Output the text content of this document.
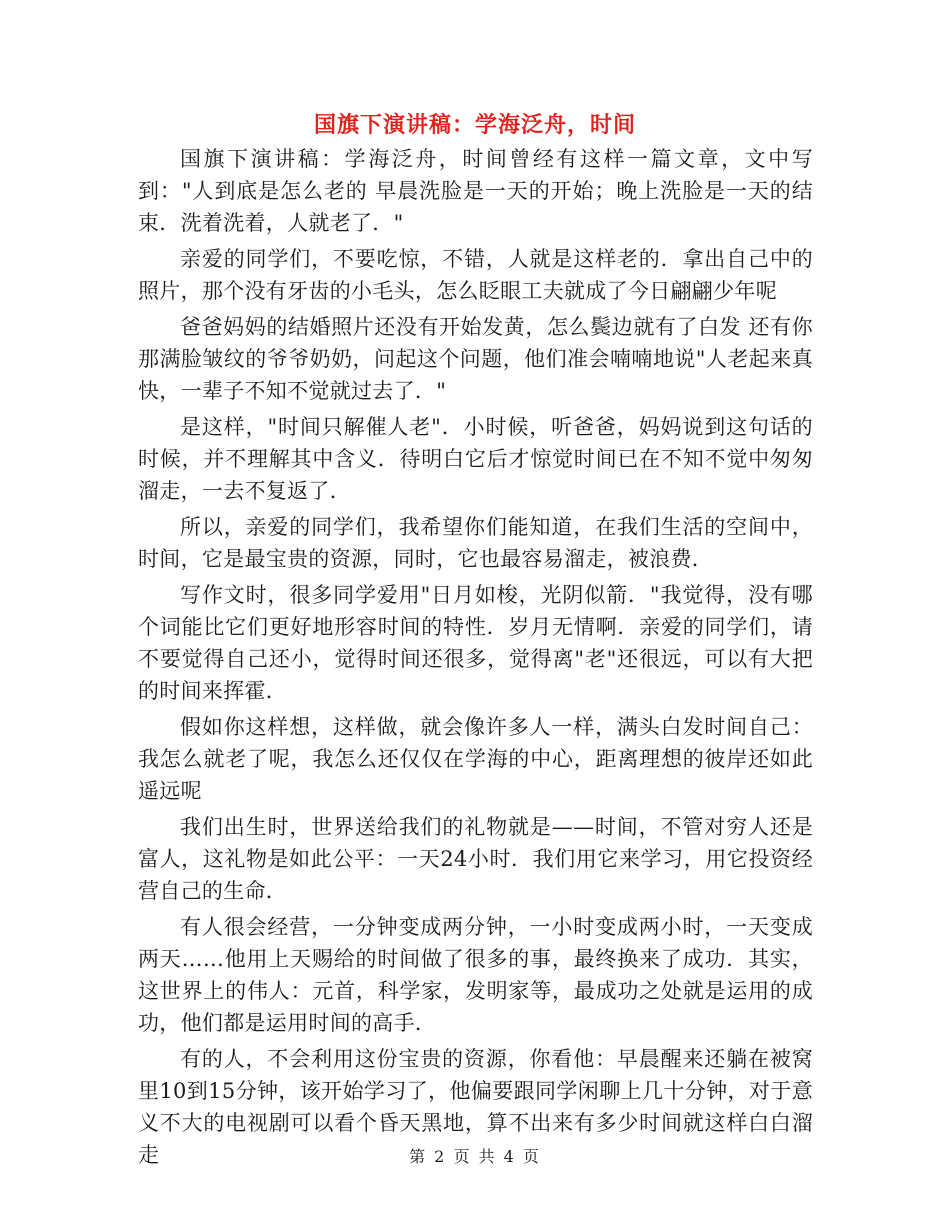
国旗下演讲稿：学海泛舟，时间

国旗下演讲稿：学海泛舟，时间曾经有这样一篇文章，文中写到："人到底是怎么老的 早晨洗脸是一天的开始；晚上洗脸是一天的结束．洗着洗着，人就老了．"

亲爱的同学们，不要吃惊，不错，人就是这样老的．拿出自己中的照片，那个没有牙齿的小毛头，怎么眨眼工夫就成了今日翩翩少年呢

爸爸妈妈的结婚照片还没有开始发黄，怎么鬓边就有了白发 还有你那满脸皱纹的爷爷奶奶，问起这个问题，他们准会喃喃地说"人老起来真快，一辈子不知不觉就过去了．"

是这样，"时间只解催人老"．小时候，听爸爸，妈妈说到这句话的时候，并不理解其中含义．待明白它后才惊觉时间已在不知不觉中匆匆溜走，一去不复返了．

所以，亲爱的同学们，我希望你们能知道，在我们生活的空间中，时间，它是最宝贵的资源，同时，它也最容易溜走，被浪费．

写作文时，很多同学爱用"日月如梭，光阴似箭．"我觉得，没有哪个词能比它们更好地形容时间的特性．岁月无情啊．亲爱的同学们，请不要觉得自己还小，觉得时间还很多，觉得离"老"还很远，可以有大把的时间来挥霍．

假如你这样想，这样做，就会像许多人一样，满头白发时间自己：我怎么就老了呢，我怎么还仅仅在学海的中心，距离理想的彼岸还如此遥远呢

我们出生时，世界送给我们的礼物就是——时间，不管对穷人还是富人，这礼物是如此公平：一天24小时．我们用它来学习，用它投资经营自己的生命．

有人很会经营，一分钟变成两分钟，一小时变成两小时，一天变成两天……他用上天赐给的时间做了很多的事，最终换来了成功．其实，这世界上的伟人：元首，科学家，发明家等，最成功之处就是运用的成功，他们都是运用时间的高手．

有的人，不会利用这份宝贵的资源，你看他：早晨醒来还躺在被窝里10到15分钟，该开始学习了，他偏要跟同学闲聊上几十分钟，对于意义不大的电视剧可以看个昏天黑地，算不出来有多少时间就这样白白溜走	第 2 页 共 4 页
